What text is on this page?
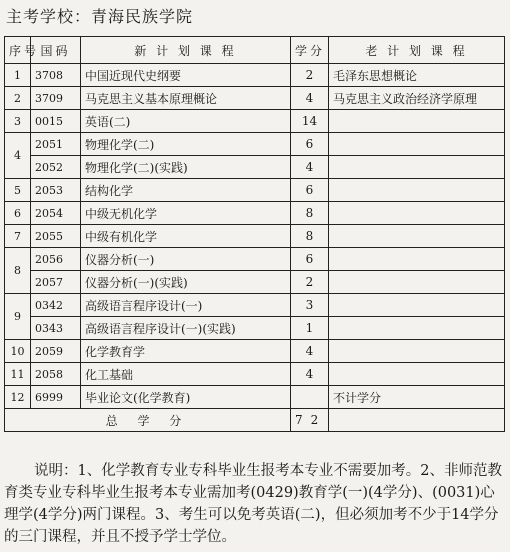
主考学校：青海民族学院
序号	国码	新 计 划 课 程	学分	老 计 划 课 程
1	3708	中国近现代史纲要	2	毛泽东思想概论
2	3709	马克思主义基本原理概论	4	马克思主义政治经济学原理
3	0015	英语(二)	14	
4	2051	物理化学(二)	6	
	2052	物理化学(二)(实践)	4	
5	2053	结构化学	6	
6	2054	中级无机化学	8	
7	2055	中级有机化学	8	
8	2056	仪器分析(一)	6	
	2057	仪器分析(一)(实践)	2	
9	0342	高级语言程序设计(一)	3	
	0343	高级语言程序设计(一)(实践)	1	
10	2059	化学教育学	4	
11	2058	化工基础	4	
12	6999	毕业论文(化学教育)		不计学分
总 学 分			72	

说明：1、化学教育专业专科毕业生报考本专业不需要加考。2、非师范教育类专业专科毕业生报考本专业需加考(0429)教育学(一)(4学分)、(0031)心理学(4学分)两门课程。3、考生可以免考英语(二)，但必须加考不少于14学分的三门课程，并且不授予学士学位。
